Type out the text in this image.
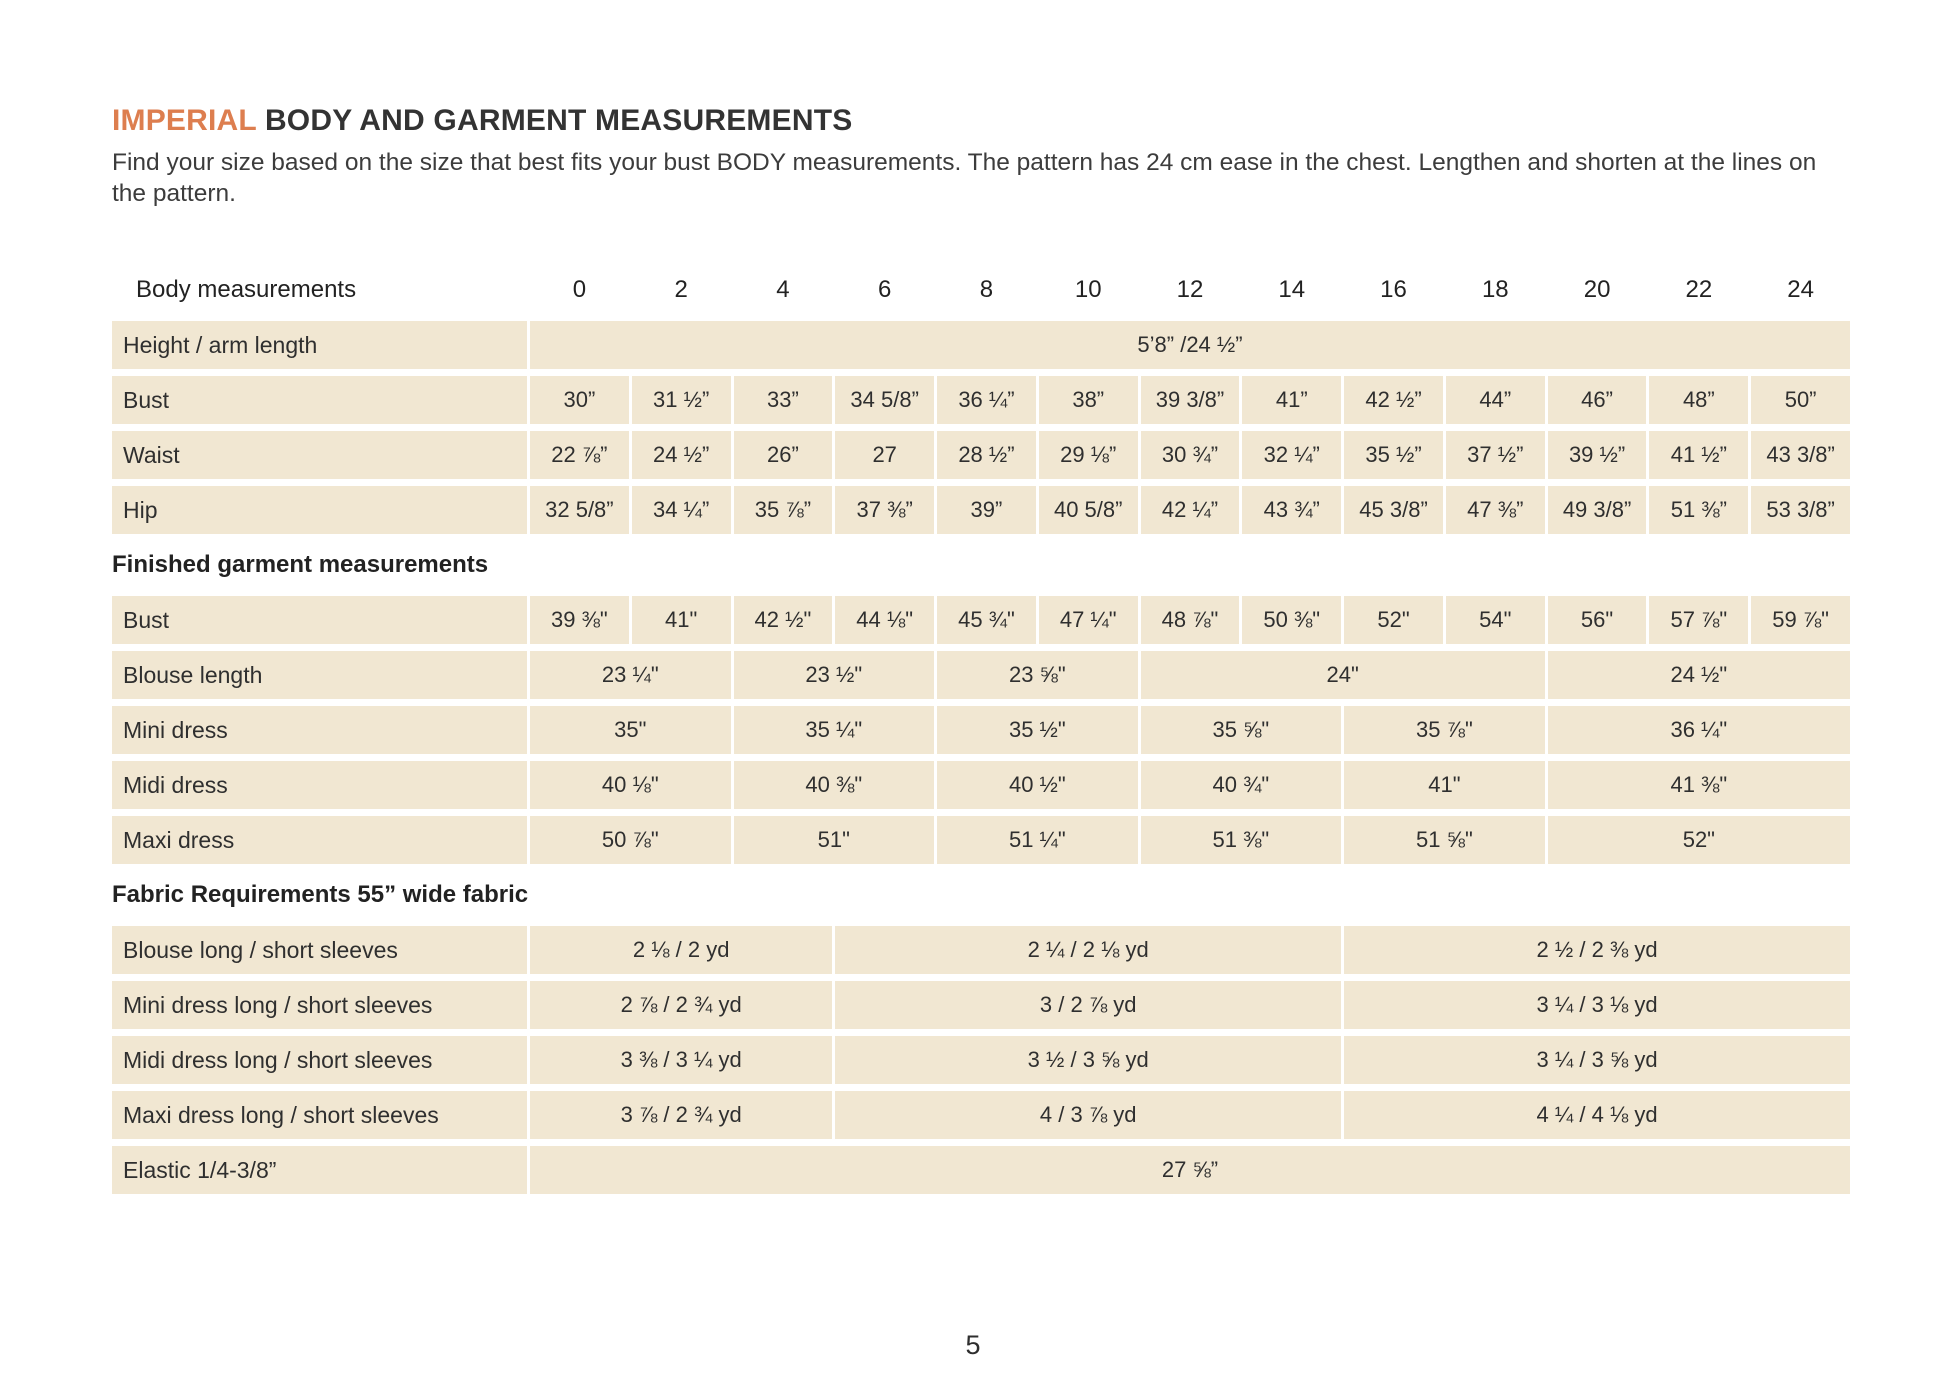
IMPERIAL BODY AND GARMENT MEASUREMENTS

Find your size based on the size that best fits your bust BODY measurements. The pattern has 24 cm ease in the chest. Lengthen and shorten at the lines on the pattern.

Body measurements	0	2	4	6	8	10	12	14	16	18	20	22	24
Height / arm length	5’8” /24 ½”
Bust	30”	31 ½”	33”	34 5/8”	36 ¼”	38”	39 3/8”	41”	42 ½”	44”	46”	48”	50”
Waist	22 ⅞”	24 ½”	26”	27	28 ½”	29 ⅛”	30 ¾”	32 ¼”	35 ½”	37 ½”	39 ½”	41 ½”	43 3/8”
Hip	32 5/8”	34 ¼”	35 ⅞”	37 ⅜”	39”	40 5/8”	42 ¼”	43 ¾”	45 3/8”	47 ⅜”	49 3/8”	51 ⅜”	53 3/8”
Finished garment measurements
Bust	39 ⅜"	41"	42 ½"	44 ⅛"	45 ¾"	47 ¼"	48 ⅞"	50 ⅜"	52"	54"	56"	57 ⅞"	59 ⅞"
Blouse length	23 ¼"	23 ½"	23 ⅝"	24"	24 ½"
Mini dress	35"	35 ¼"	35 ½"	35 ⅝"	35 ⅞"	36 ¼"
Midi dress	40 ⅛"	40 ⅜"	40 ½"	40 ¾"	41"	41 ⅜"
Maxi dress	50 ⅞"	51"	51 ¼"	51 ⅜"	51 ⅝"	52"
Fabric Requirements 55” wide fabric
Blouse long / short sleeves	2 ⅛ / 2 yd	2 ¼ / 2 ⅛ yd	2 ½ / 2 ⅜ yd
Mini dress long / short sleeves	2 ⅞ / 2 ¾ yd	3 / 2 ⅞ yd	3 ¼ / 3 ⅛ yd
Midi dress long / short sleeves	3 ⅜ / 3 ¼ yd	3 ½ / 3 ⅝ yd	3 ¼ / 3 ⅝ yd
Maxi dress long / short sleeves	3 ⅞ / 2 ¾ yd	4 / 3 ⅞ yd	4 ¼ / 4 ⅛ yd
Elastic 1/4-3/8”	27 ⅝”
5
